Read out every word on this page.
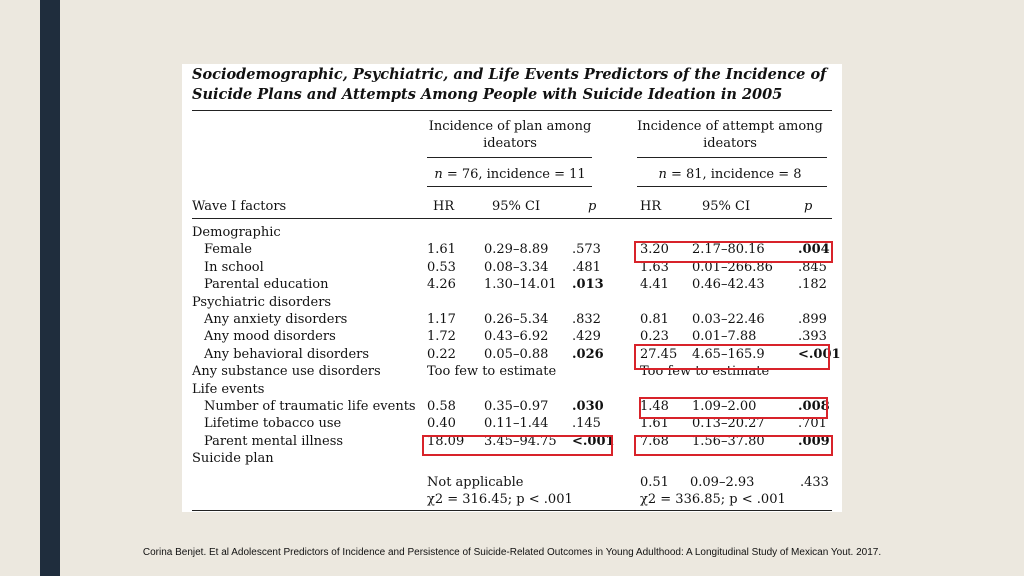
Sociodemographic, Psychiatric, and Life Events Predictors of the Incidence of Suicide Plans and Attempts Among People with Suicide Ideation in 2005

Incidence of plan among ideators
Incidence of attempt among ideators
n = 76, incidence = 11	n = 81, incidence = 8
Wave I factors	HR	95% CI	p	HR	95% CI	p
Demographic
Female	1.61 0.29–8.89 .573	3.20 2.17–80.16	.004
In school	0.53 0.08–3.34 .481	1.63 0.01–266.86 .845
Parental education	4.26 1.30–14.01 .013	4.41 0.46–42.43	.182
Psychiatric disorders
Any anxiety disorders	1.17 0.26–5.34 .832	0.81 0.03–22.46	.899
Any mood disorders	1.72 0.43–6.92 .429	0.23 0.01–7.88	.393
Any behavioral disorders	0.22 0.05–0.88 .026	27.45 4.65–165.9	<.001
Any substance use disorders	Too few to estimate	Too few to estimate
Life events
Number of traumatic life events 0.58 0.35–0.97 .030	1.48 1.09–2.00	.008
Lifetime tobacco use	0.40 0.11–1.44 .145	1.61 0.13–20.27	.701
Parent mental illness	18.09 3.45–94.75 <.001 7.68 1.56–37.80	.009
Suicide plan
Not applicable	0.51 0.09–2.93	.433
χ2 = 316.45; p < .001	χ2 = 336.85; p < .001
Corina Benjet. Et al Adolescent Predictors of Incidence and Persistence of Suicide-Related Outcomes in Young Adulthood: A Longitudinal Study of Mexican Yout. 2017.
